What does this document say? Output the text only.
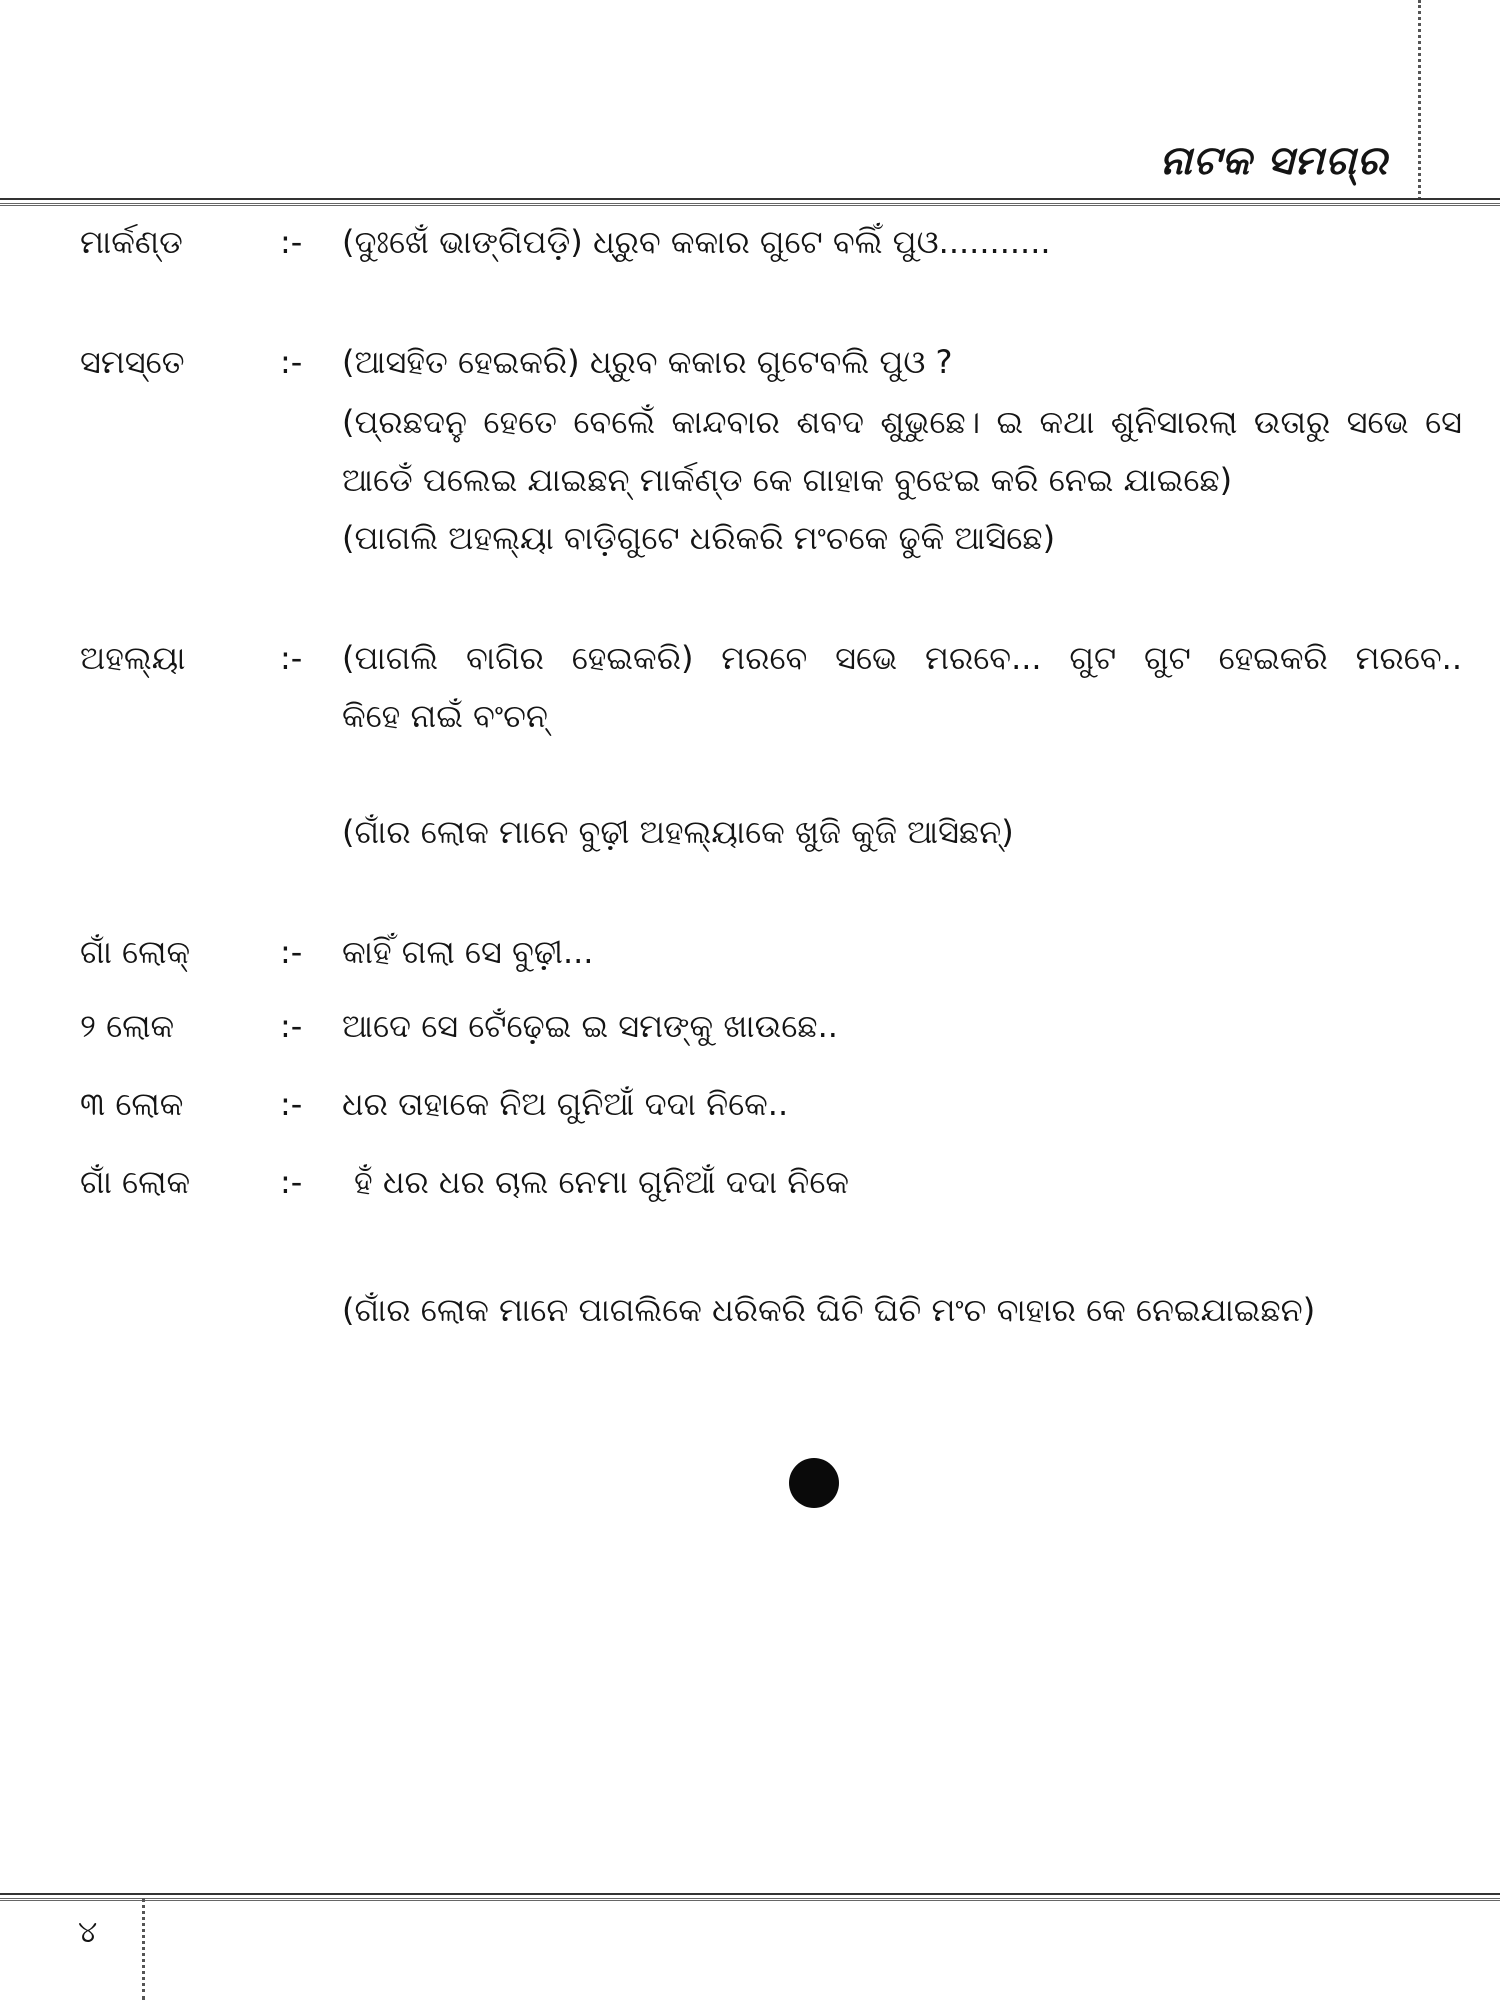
ନାଟକ ସମଗ୍ର
ମାର୍କଣ୍ଡ	:- (ଦୁଃଖେଁ ଭାଙ୍ଗିପଡ଼ି) ଧ୍ରୁବ କକାର ଗୁଟେ ବଲିଁ ପୁଓ...........
ସମସ୍ତେ	:- (ଆସହିତ ହେଇକରି) ଧ୍ରୁବ କକାର ଗୁଟେବଲି ପୁଓ ?
(ପ୍ରଛଦନୁ ହେତେ ବେଲେଁ କାନ୍ଦବାର ଶବଦ ଶୁଭୁଛେ। ଇ କଥା ଶୁନିସାରଲା ଉତାରୁ ସଭେ ସେ
ଆଡେଁ ପଲେଇ ଯାଇଛନ୍ ମାର୍କଣ୍ଡ କେ ଗାହାକ ବୁଝେଇ କରି ନେଇ ଯାଇଛେ)
(ପାଗଲି ଅହଲ୍ୟା ବାଡ଼ିଗୁଟେ ଧରିକରି ମଂଚକେ ଢୁକି ଆସିଛେ)
ଅହଲ୍ୟା	:- (ପାଗଲି ବାଗିର ହେଇକରି) ମରବେ ସଭେ ମରବେ... ଗୁଟ ଗୁଟ ହେଇକରି ମରବେ..
କିହେ ନାଇଁ ବଂଚନ୍
(ଗାଁର ଲୋକ ମାନେ ବୁଢ଼ୀ ଅହଲ୍ୟାକେ ଖୁଜି କୁଜି ଆସିଛନ୍)
ଗାଁ ଲୋକ୍	:- କାହିଁ ଗଲା ସେ ବୁଢ଼ୀ...
୨ ଲୋକ	:- ଆଦେ ସେ ଟେଁଢ଼େଇ ଇ ସମଙ୍କୁ ଖାଉଛେ..
୩ ଲୋକ	:- ଧର ତାହାକେ ନିଅ ଗୁନିଆଁ ଦଦା ନିକେ..
ଗାଁ ଲୋକ	:- ହଁ ଧର ଧର ଚାଲ ନେମା ଗୁନିଆଁ ଦଦା ନିକେ
(ଗାଁର ଲୋକ ମାନେ ପାଗଲିକେ ଧରିକରି ଘିଚି ଘିଚି ମଂଚ ବାହାର କେ ନେଇଯାଇଛନ)
୪
